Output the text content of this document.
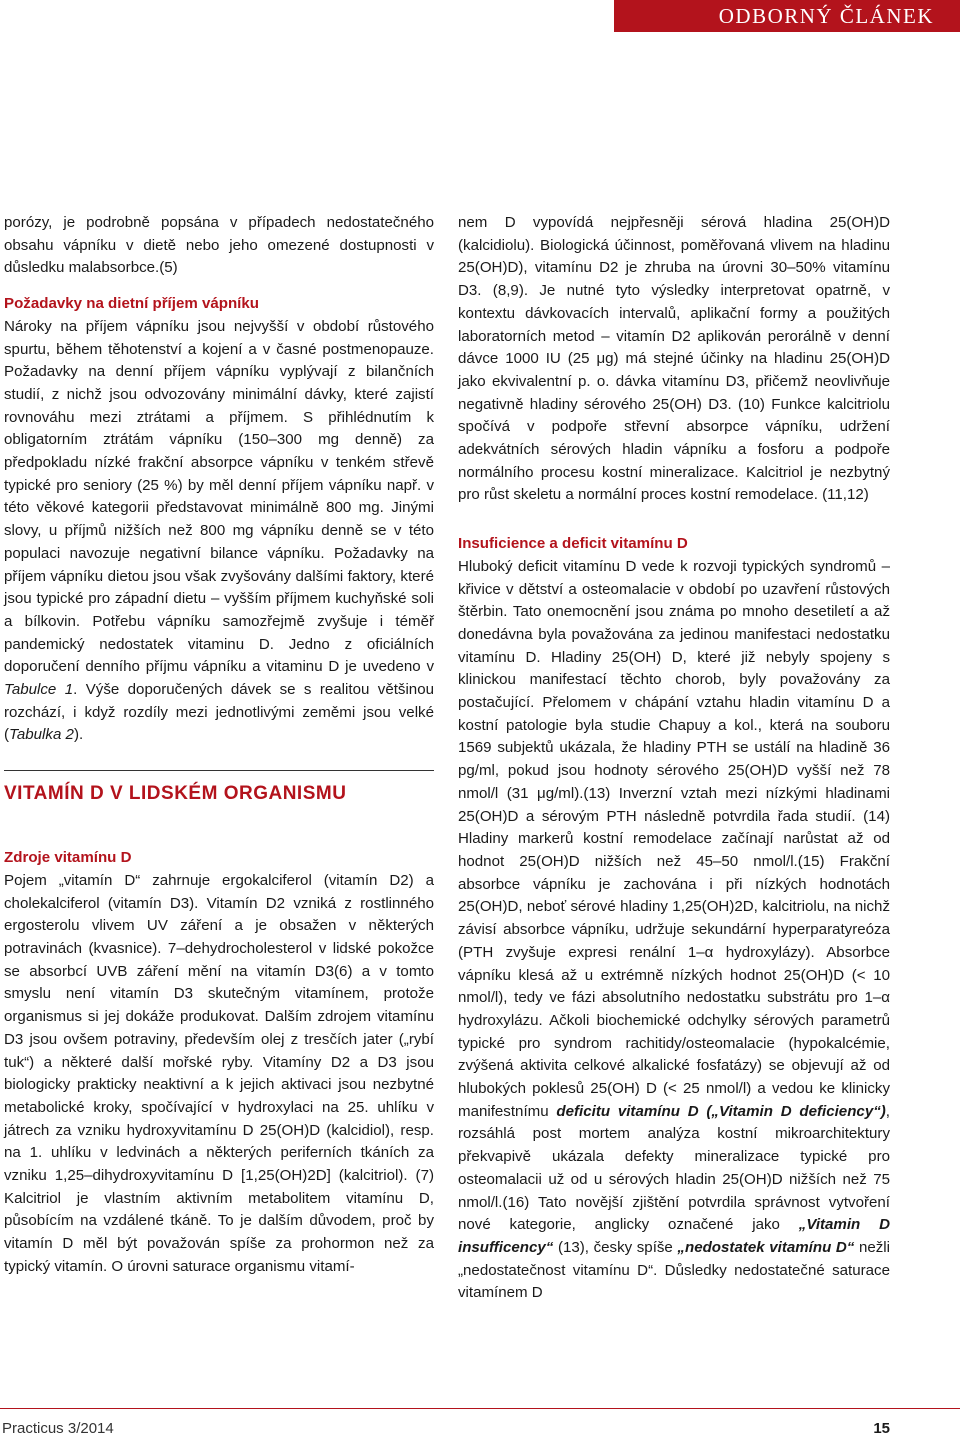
ODBORNÝ ČLÁNEK

porózy, je podrobně popsána v případech nedostatečného obsahu vápníku v dietě nebo jeho omezené dostupnosti v důsledku malabsorbce.(5)

Požadavky na dietní příjem vápníku

Nároky na příjem vápníku jsou nejvyšší v období růstového spurtu, během těhotenství a kojení a v časné postmenopauze. Požadavky na denní příjem vápníku vyplývají z bilančních studií, z nichž jsou odvozovány minimální dávky, které zajistí rovnováhu mezi ztrátami a příjmem. S přihlédnutím k obligatorním ztrátám vápníku (150–300 mg denně) za předpokladu nízké frakční absorpce vápníku v tenkém střevě typické pro seniory (25 %) by měl denní příjem vápníku např. v této věkové kategorii představovat minimálně 800 mg. Jinými slovy, u příjmů nižších než 800 mg vápníku denně se v této populaci navozuje negativní bilance vápníku. Požadavky na příjem vápníku dietou jsou však zvyšovány dalšími faktory, které jsou typické pro západní dietu – vyšším příjmem kuchyňské soli a bílkovin. Potřebu vápníku samozřejmě zvyšuje i téměř pandemický nedostatek vitaminu D. Jedno z oficiálních doporučení denního příjmu vápníku a vitaminu D je uvedeno v Tabulce 1. Výše doporučených dávek se s realitou většinou rozchází, i když rozdíly mezi jednotlivými zeměmi jsou velké (Tabulka 2).

VITAMÍN D V LIDSKÉM ORGANISMU

Zdroje vitamínu D

Pojem „vitamín D“ zahrnuje ergokalciferol (vitamín D2) a cholekalciferol (vitamín D3). Vitamín D2 vzniká z rostlinného ergosterolu vlivem UV záření a je obsažen v některých potravinách (kvasnice). 7–dehydrocholesterol v lidské pokožce se absorbcí UVB záření mění na vitamín D3(6) a v tomto smyslu není vitamín D3 skutečným vitamínem, protože organismus si jej dokáže produkovat. Dalším zdrojem vitamínu D3 jsou ovšem potraviny, především olej z tresčích jater („rybí tuk“) a některé další mořské ryby. Vitamíny D2 a D3 jsou biologicky prakticky neaktivní a k jejich aktivaci jsou nezbytné metabolické kroky, spočívající v hydroxylaci na 25. uhlíku v játrech za vzniku hydroxyvitamínu D 25(OH)D (kalcidiol), resp. na 1. uhlíku v ledvinách a některých periferních tkáních za vzniku 1,25–dihydroxyvitamínu D [1,25(OH)2D] (kalcitriol). (7) Kalcitriol je vlastním aktivním metabolitem vitamínu D, působícím na vzdálené tkáně. To je dalším důvodem, proč by vitamín D měl být považován spíše za prohormon než za typický vitamín. O úrovni saturace organismu vitamí-

nem D vypovídá nejpřesněji sérová hladina 25(OH)D (kalcidiolu). Biologická účinnost, poměřovaná vlivem na hladinu 25(OH)D), vitamínu D2 je zhruba na úrovni 30–50% vitamínu D3. (8,9). Je nutné tyto výsledky interpretovat opatrně, v kontextu dávkovacích intervalů, aplikační formy a použitých laboratorních metod – vitamín D2 aplikován perorálně v denní dávce 1000 IU (25 μg) má stejné účinky na hladinu 25(OH)D jako ekvivalentní p. o. dávka vitamínu D3, přičemž neovlivňuje negativně hladiny sérového 25(OH) D3. (10) Funkce kalcitriolu spočívá v podpoře střevní absorpce vápníku, udržení adekvátních sérových hladin vápníku a fosforu a podpoře normálního procesu kostní mineralizace. Kalcitriol je nezbytný pro růst skeletu a normální proces kostní remodelace. (11,12)

Insuficience a deficit vitamínu D

Hluboký deficit vitamínu D vede k rozvoji typických syndromů – křivice v dětství a osteomalacie v období po uzavření růstových štěrbin. Tato onemocnění jsou známa po mnoho desetiletí a až donedávna byla považována za jedinou manifestaci nedostatku vitamínu D. Hladiny 25(OH) D, které již nebyly spojeny s klinickou manifestací těchto chorob, byly považovány za postačující. Přelomem v chápání vztahu hladin vitamínu D a kostní patologie byla studie Chapuy a kol., která na souboru 1569 subjektů ukázala, že hladiny PTH se ustálí na hladině 36 pg/ml, pokud jsou hodnoty sérového 25(OH)D vyšší než 78 nmol/l (31 μg/ml).(13) Inverzní vztah mezi nízkými hladinami 25(OH)D a sérovým PTH následně potvrdila řada studií. (14) Hladiny markerů kostní remodelace začínají narůstat až od hodnot 25(OH)D nižších než 45–50 nmol/l.(15) Frakční absorbce vápníku je zachována i při nízkých hodnotách 25(OH)D, neboť sérové hladiny 1,25(OH)2D, kalcitriolu, na nichž závisí absorbce vápníku, udržuje sekundární hyperparatyreóza (PTH zvyšuje expresi renální 1–α hydroxylázy). Absorbce vápníku klesá až u extrémně nízkých hodnot 25(OH)D (< 10 nmol/l), tedy ve fázi absolutního nedostatku substrátu pro 1–α hydroxylázu. Ačkoli biochemické odchylky sérových parametrů typické pro syndrom rachitidy/osteomalacie (hypokalcémie, zvýšená aktivita celkové alkalické fosfatázy) se objevují až od hlubokých poklesů 25(OH) D (< 25 nmol/l) a vedou ke klinicky manifestnímu deficitu vitamínu D („Vitamin D deficiency“), rozsáhlá post mortem analýza kostní mikroarchitektury překvapivě ukázala defekty mineralizace typické pro osteomalacii už od u sérových hladin 25(OH)D nižších než 75 nmol/l.(16) Tato novější zjištění potvrdila správnost vytvoření nové kategorie, anglicky označené jako „Vitamin D insufficency“ (13), česky spíše „nedostatek vitamínu D“ nežli „nedostatečnost vitamínu D“. Důsledky nedostatečné saturace vitamínem D

Practicus 3/2014	15
